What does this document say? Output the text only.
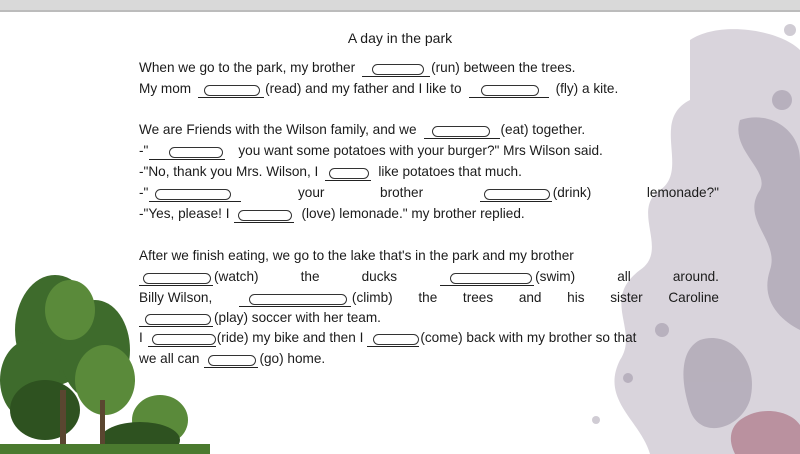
A day in the park
When we go to the park, my brother	(run) between the trees.
My mom	(read) and my father and I like to	(fly) a kite.
We are Friends with the Wilson family, and we	(eat) together.
-"	you want some potatoes with your burger?" Mrs Wilson said.
-"No, thank you Mrs. Wilson, I	like potatoes that much.
-"	your	brother	(drink)	lemonade?"
-"Yes, please! I	(love) lemonade." my brother replied.
After we finish eating, we go to the lake that's in the park and my brother
(watch)	the	ducks	(swim)	all	around.
Billy Wilson,	(climb) the trees and his sister Caroline
(play) soccer with her team.
I	(ride) my bike and then I	(come) back with my brother so that
we all can	(go) home.
